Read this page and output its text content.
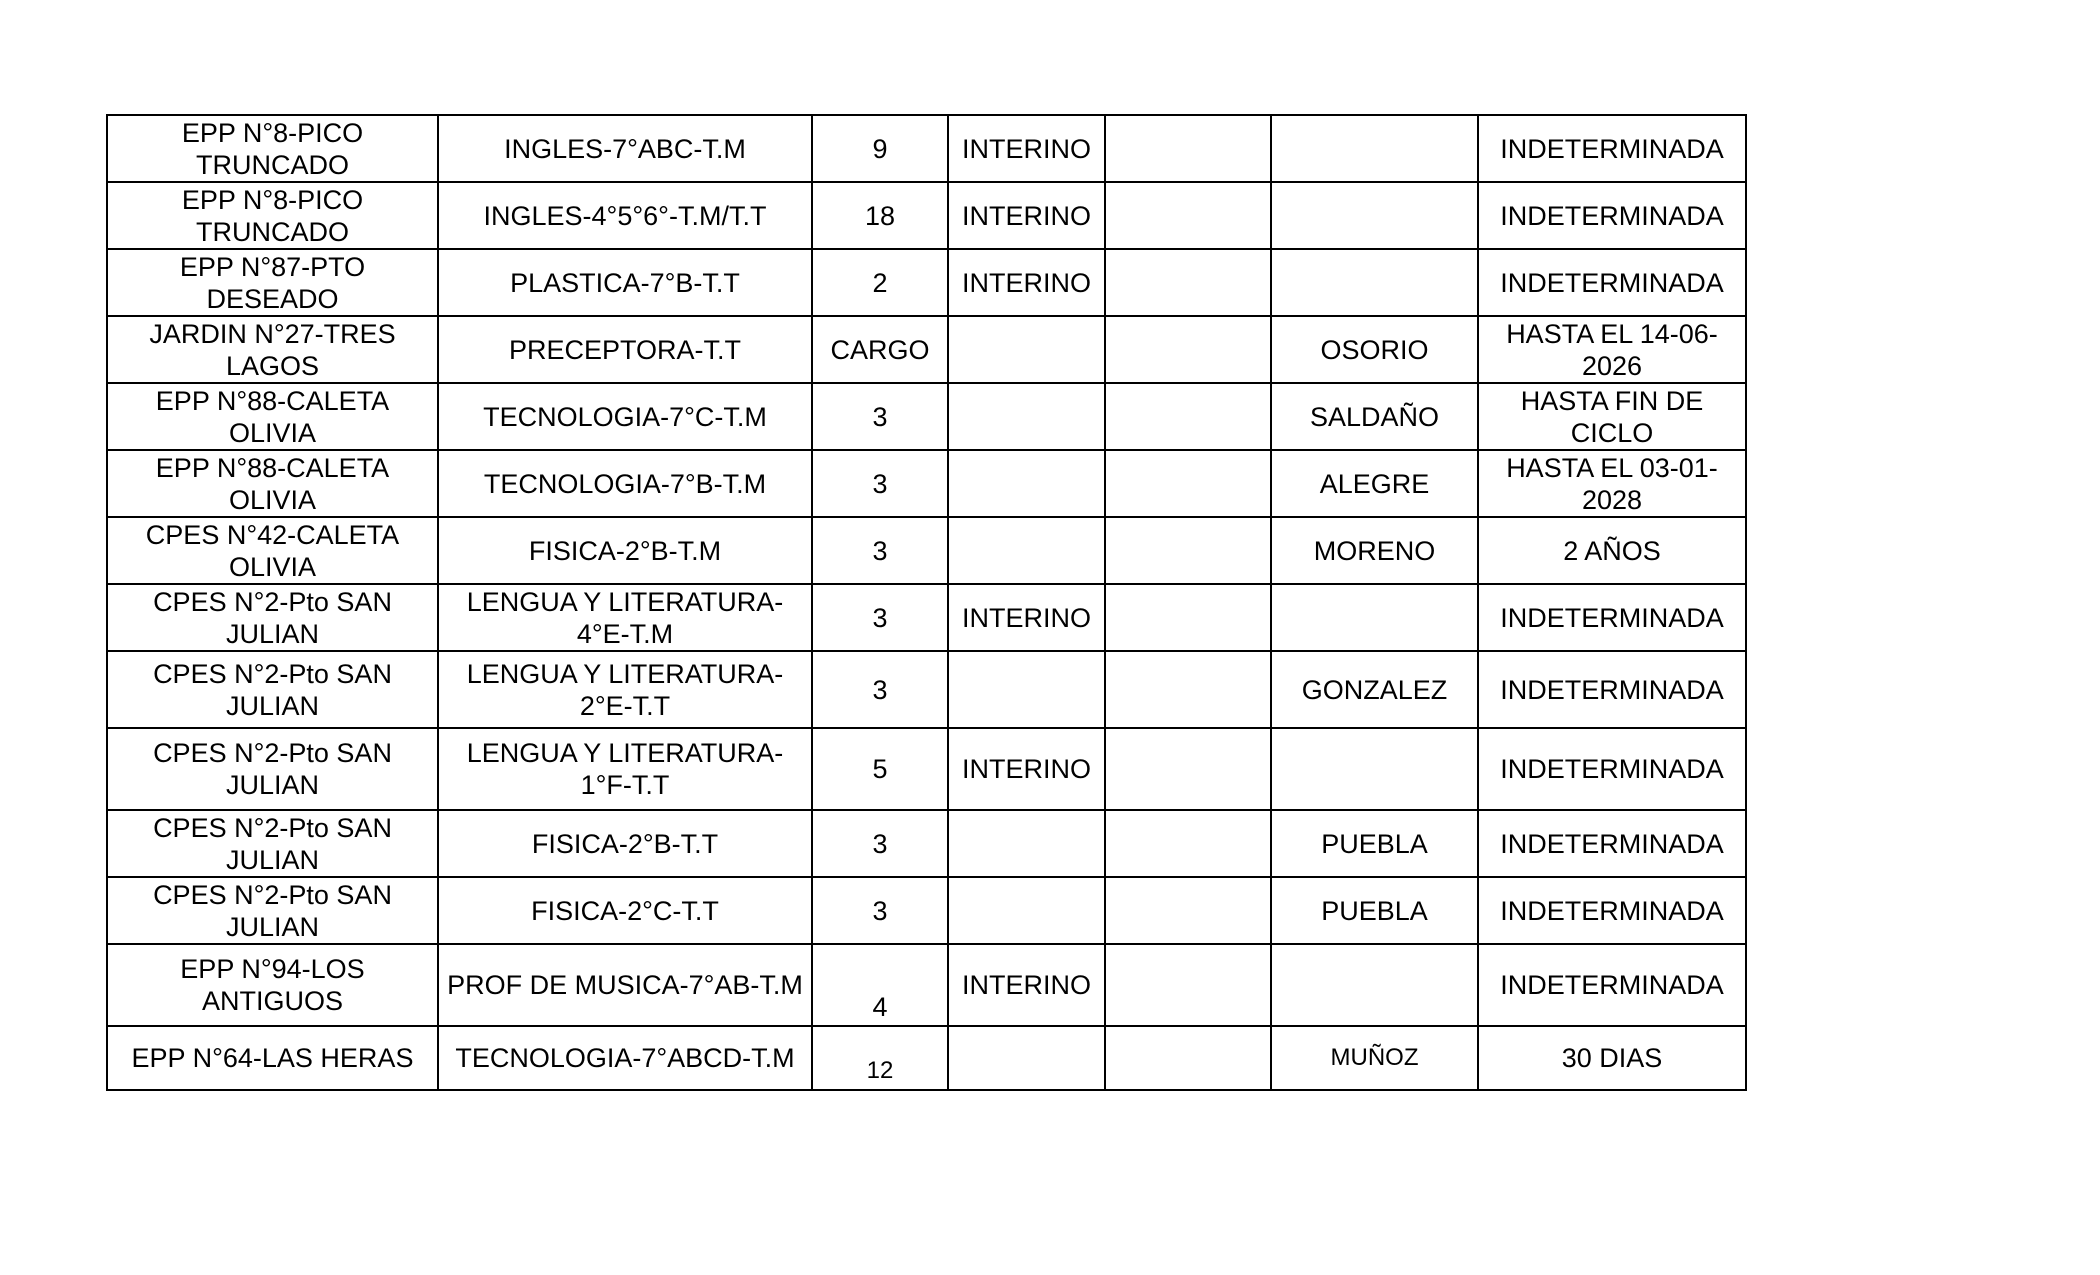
EPP N°8-PICO TRUNCADO	INGLES-7°ABC-T.M	9	INTERINO			INDETERMINADA
EPP N°8-PICO TRUNCADO	INGLES-4°5°6°-T.M/T.T	18	INTERINO			INDETERMINADA
EPP N°87-PTO DESEADO	PLASTICA-7°B-T.T	2	INTERINO			INDETERMINADA
JARDIN N°27-TRES LAGOS	PRECEPTORA-T.T	CARGO			OSORIO	HASTA EL 14-06-2026
EPP N°88-CALETA OLIVIA	TECNOLOGIA-7°C-T.M	3			SALDAÑO	HASTA FIN DE CICLO
EPP N°88-CALETA OLIVIA	TECNOLOGIA-7°B-T.M	3			ALEGRE	HASTA EL 03-01-2028
CPES N°42-CALETA OLIVIA	FISICA-2°B-T.M	3			MORENO	2 AÑOS
CPES N°2-Pto SAN JULIAN	LENGUA Y LITERATURA-4°E-T.M	3	INTERINO			INDETERMINADA
CPES N°2-Pto SAN JULIAN	LENGUA Y LITERATURA-2°E-T.T	3			GONZALEZ	INDETERMINADA
CPES N°2-Pto SAN JULIAN	LENGUA Y LITERATURA-1°F-T.T	5	INTERINO			INDETERMINADA
CPES N°2-Pto SAN JULIAN	FISICA-2°B-T.T	3			PUEBLA	INDETERMINADA
CPES N°2-Pto SAN JULIAN	FISICA-2°C-T.T	3			PUEBLA	INDETERMINADA
EPP N°94-LOS ANTIGUOS	PROF DE MUSICA-7°AB-T.M	4	INTERINO			INDETERMINADA
EPP N°64-LAS HERAS	TECNOLOGIA-7°ABCD-T.M	12			MUÑOZ	30 DIAS
